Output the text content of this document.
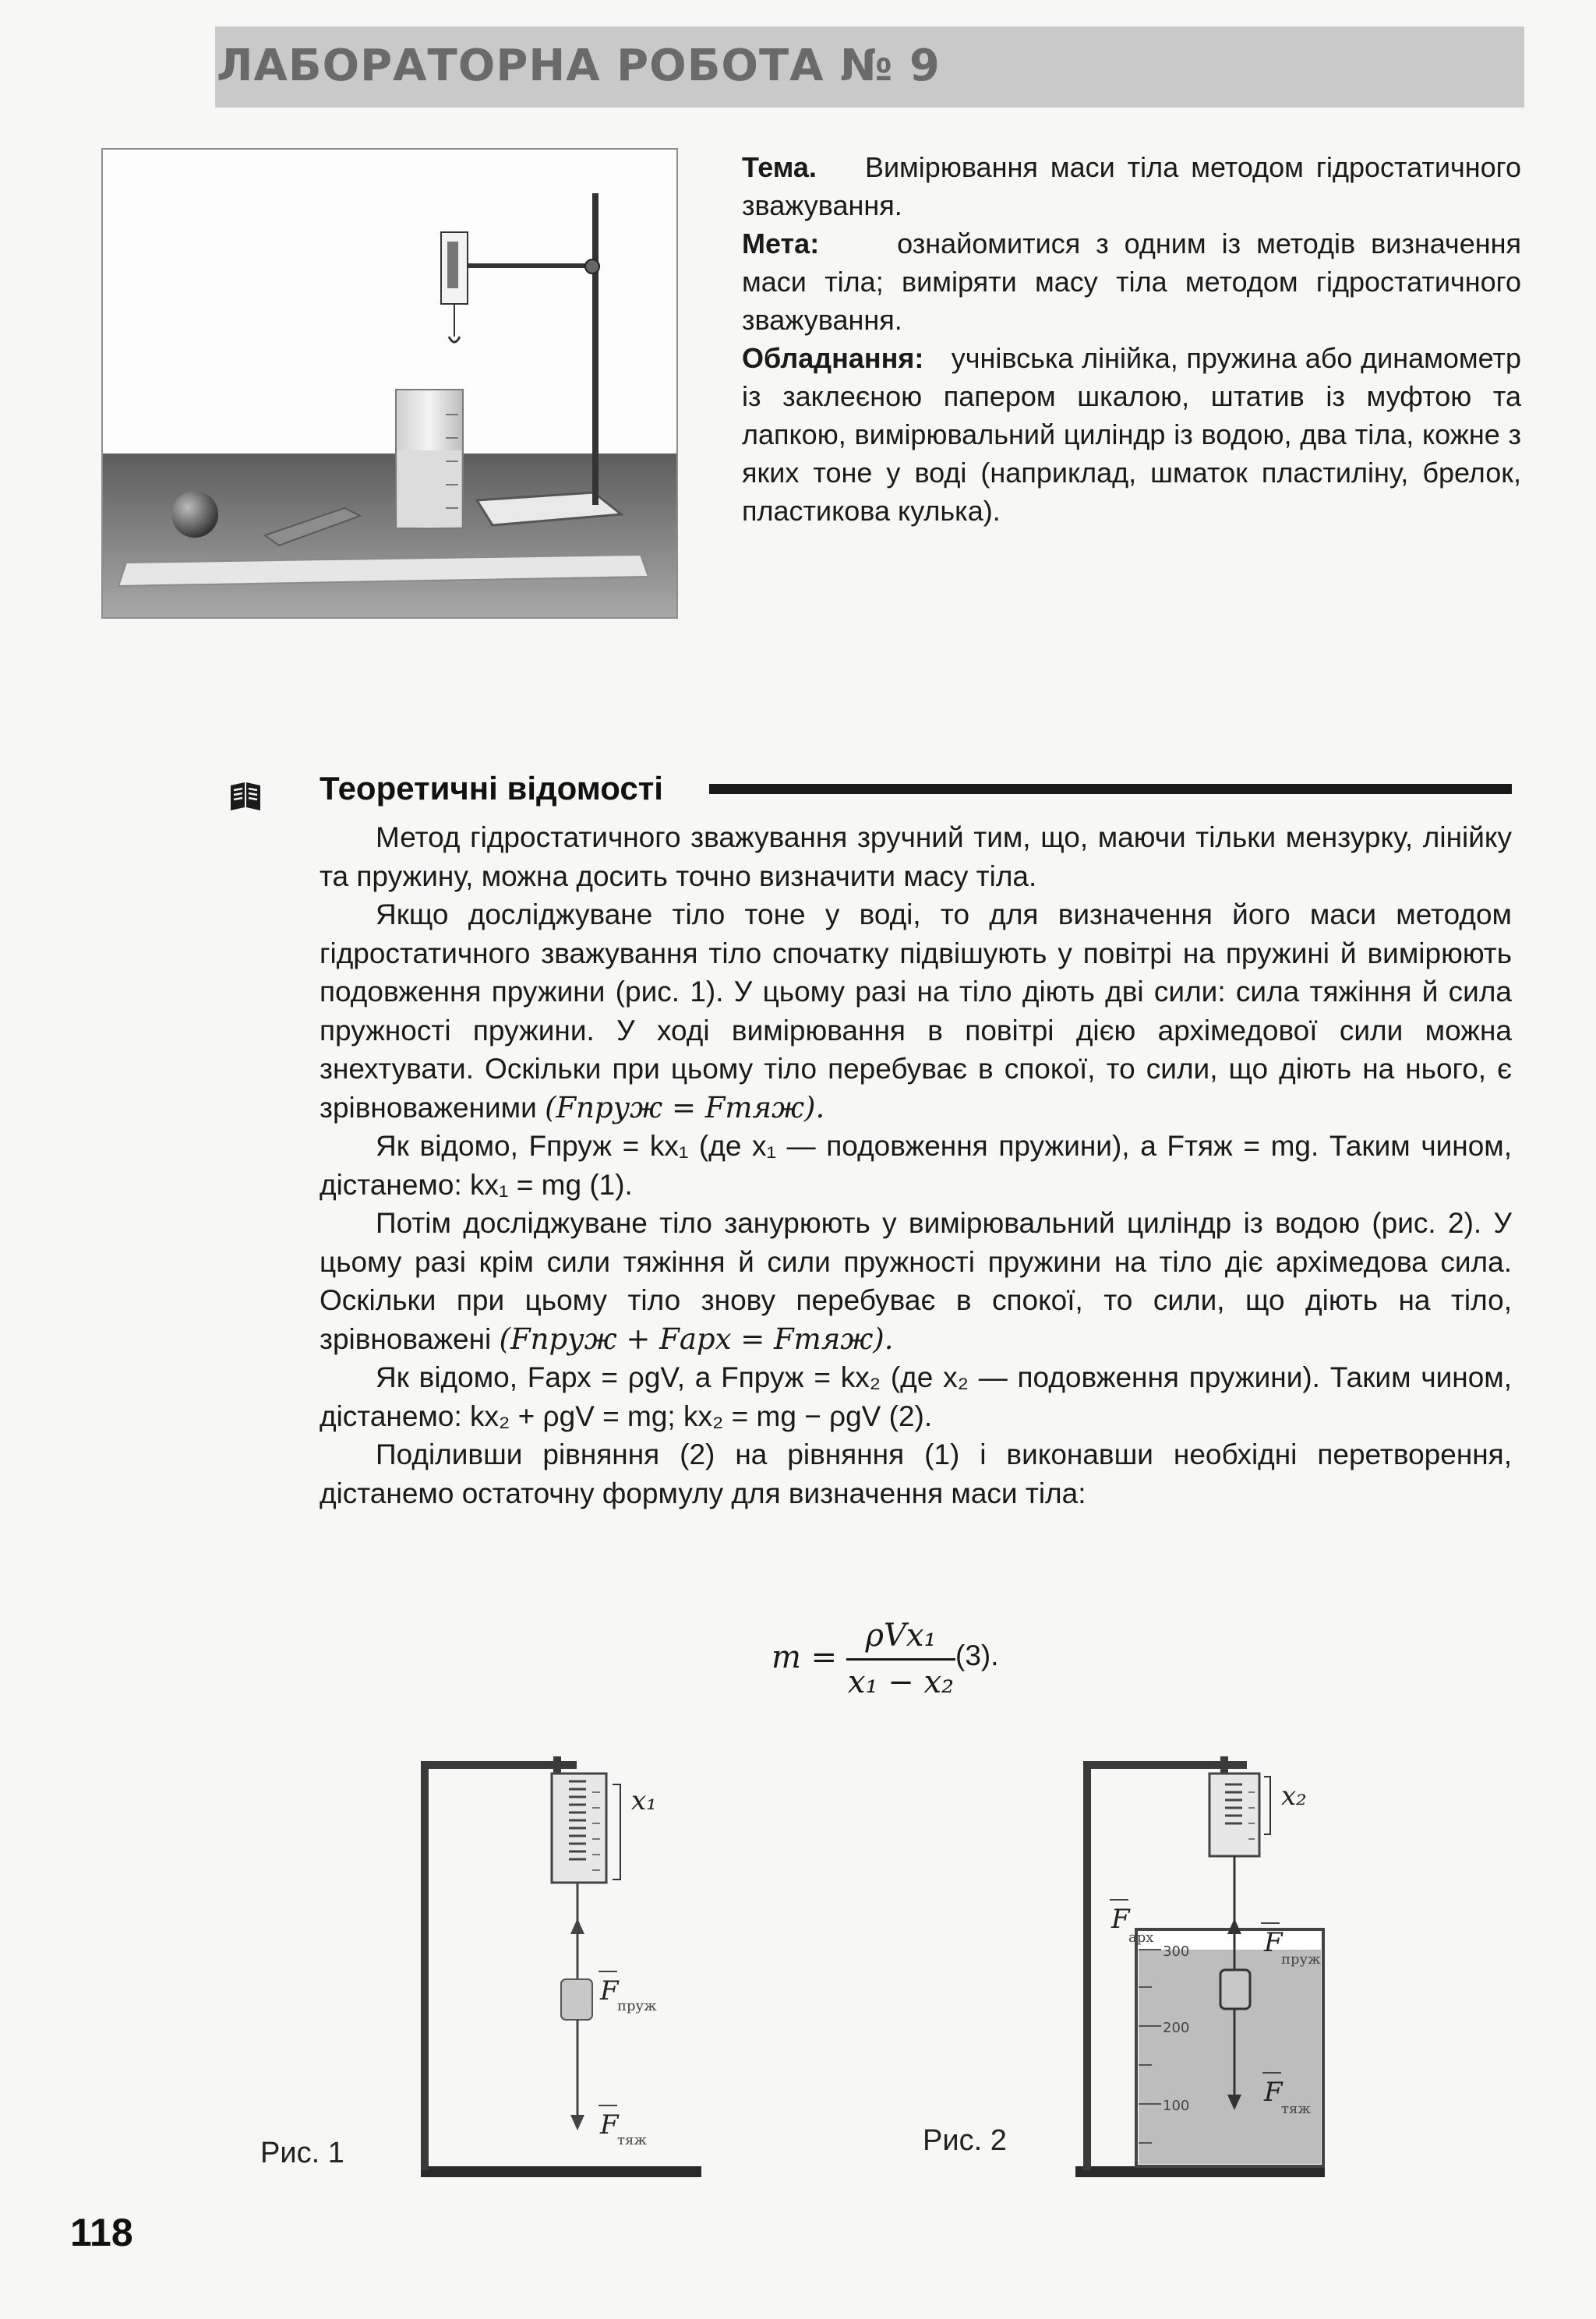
ЛАБОРАТОРНА РОБОТА № 9

Тема. Вимірювання маси тіла методом гідростатичного зважування.

Мета:	ознайомитися з одним із методів визначення маси тіла; виміряти масу тіла методом гідростатичного зважування.

Обладнання: учнівська лінійка, пружина або динамометр із заклеєною папером шкалою, штатив із муфтою та лапкою, вимірювальний циліндр із водою, два тіла, кожне з яких тоне у воді (наприклад, шматок пластиліну, брелок, пластикова кулька).

Теоретичні відомості

Метод гідростатичного зважування зручний тим, що, маючи тільки мензурку, лінійку та пружину, можна досить точно визначити масу тіла.

Якщо досліджуване тіло тоне у воді, то для визначення його маси методом гідростатичного зважування тіло спочатку підвішують у повітрі на пружині й вимірюють подовження пружини (рис. 1). У цьому разі на тіло діють дві сили: сила тяжіння й сила пружності пружини. У ході вимірювання в повітрі дією архімедової сили можна знехтувати. Оскільки при цьому тіло перебуває в спокої, то сили, що діють на нього, є зрівноваженими (Fпруж = Fтяж).

Як відомо, Fпруж = kx₁ (де x₁ — подовження пружини), а Fтяж = mg. Таким чином, дістанемо: kx₁ = mg (1).

Потім досліджуване тіло занурюють у вимірювальний циліндр із водою (рис. 2). У цьому разі крім сили тяжіння й сили пружності пружини на тіло діє архімедова сила. Оскільки при цьому тіло знову перебуває в спокої, то сили, що діють на тіло, зрівноважені (Fпруж + Fарх = Fтяж).

Як відомо, Fарх = ρgV, а Fпруж = kx₂ (де x₂ — подовження пружини). Таким чином, дістанемо: kx₂ + ρgV = mg; kx₂ = mg − ρgV (2).

Поділивши рівняння (2) на рівняння (1) і виконавши необхідні перетворення, дістанемо остаточну формулу для визначення маси тіла:

m =
ρVx₁
x₁ − x₂
(3).
x₁
F
пруж
F
тяж
Рис. 1
300
200
100
x₂
F
арх	F
пруж
F
тяж
Рис. 2
118
